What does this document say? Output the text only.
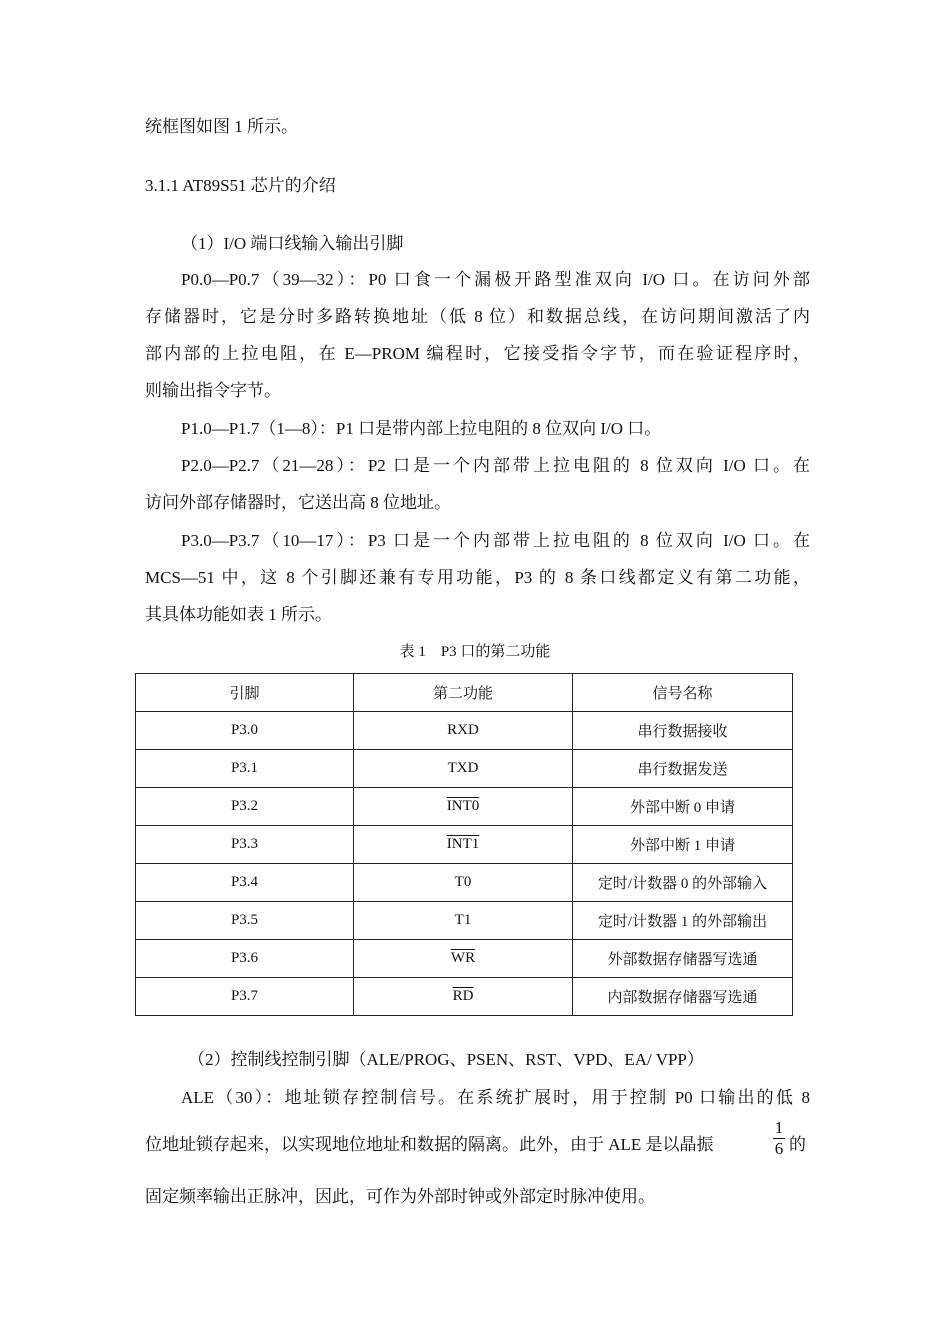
统框图如图 1 所示。
3.1.1 AT89S51 芯片的介绍
（1）I/O 端口线输入输出引脚
P0.0—P0.7（39—32）：P0 口食一个漏极开路型准双向 I/O 口。在访问外部
存储器时，它是分时多路转换地址（低 8 位）和数据总线，在访问期间激活了内
部内部的上拉电阻，在 E—PROM 编程时，它接受指令字节，而在验证程序时，
则输出指令字节。
P1.0—P1.7（1—8）：P1 口是带内部上拉电阻的 8 位双向 I/O 口。
P2.0—P2.7（21—28）：P2 口是一个内部带上拉电阻的 8 位双向 I/O 口。在
访问外部存储器时，它送出高 8 位地址。
P3.0—P3.7（10—17）：P3 口是一个内部带上拉电阻的 8 位双向 I/O 口。在
MCS—51 中，这 8 个引脚还兼有专用功能，P3 的 8 条口线都定义有第二功能，
其具体功能如表 1 所示。
表 1　P3 口的第二功能
引脚	第二功能	信号名称
P3.0	RXD	串行数据接收
P3.1	TXD	串行数据发送
P3.2	INT0	外部中断 0 申请
P3.3	INT1	外部中断 1 申请
P3.4	T0	定时/计数器 0 的外部输入
P3.5	T1	定时/计数器 1 的外部输出
P3.6	$\overline{WR}$	外部数据存储器写选通
P3.7	$\overline{RD}$	内部数据存储器写选通
（2）控制线控制引脚（ALE/PROG、PSEN、RST、VPD、EA/ VPP）
ALE（30）：地址锁存控制信号。在系统扩展时，用于控制 P0 口输出的低 8
位地址锁存起来，以实现地位地址和数据的隔离。此外，由于 ALE 是以晶振	$\frac{1}{6}$ 的
固定频率输出正脉冲，因此，可作为外部时钟或外部定时脉冲使用。
